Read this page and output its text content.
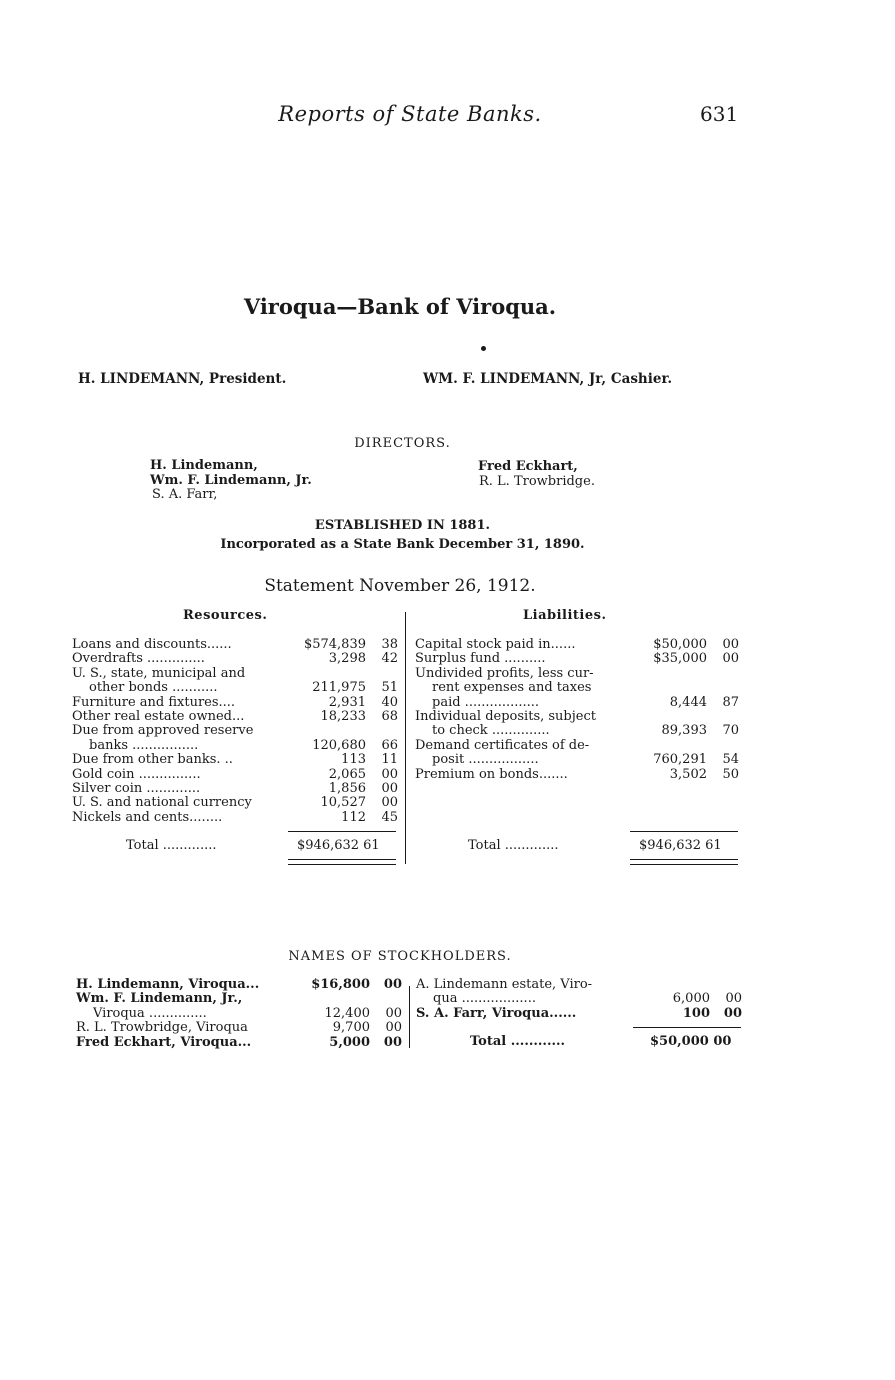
Reports of State Banks.	631
Viroqua—Bank of Viroqua.
H. LINDEMANN, President.	WM. F. LINDEMANN, Jr, Cashier.
DIRECTORS.
H. Lindemann,
Wm. F. Lindemann, Jr.
S. A. Farr,
Fred Eckhart,
R. L. Trowbridge.
ESTABLISHED IN 1881.
Incorporated as a State Bank December 31, 1890.
Statement November 26, 1912.
Resources.	Liabilities.
Loans and discounts......	$574,839 38
Overdrafts ..............	3,298 42
U. S., state, municipal and
other bonds ...........	211,975 51
Furniture and fixtures....	2,931 40
Other real estate owned...	18,233 68
Due from approved reserve
banks ................	120,680 66
Due from other banks. ..	113 11
Gold coin ...............	2,065 00
Silver coin .............	1,856 00
U. S. and national currency	10,527 00
Nickels and cents........	112 45
Total .............	$946,632 61
Capital stock paid in......	$50,000 00
Surplus fund ..........	$35,000 00
Undivided profits, less cur-
rent expenses and taxes
paid ..................	8,444 87
Individual deposits, subject
to check ..............	89,393 70
Demand certificates of de-
posit .................	760,291 54
Premium on bonds.......	3,502 50
Total .............	$946,632 61
NAMES OF STOCKHOLDERS.
H. Lindemann, Viroqua...	$16,800 00
Wm. F. Lindemann, Jr.,
Viroqua ..............	12,400 00
R. L. Trowbridge, Viroqua	9,700 00
Fred Eckhart, Viroqua...	5,000 00
A. Lindemann estate, Viro-
qua ..................	6,000 00
S. A. Farr, Viroqua......	100 00
Total ............	$50,000 00
